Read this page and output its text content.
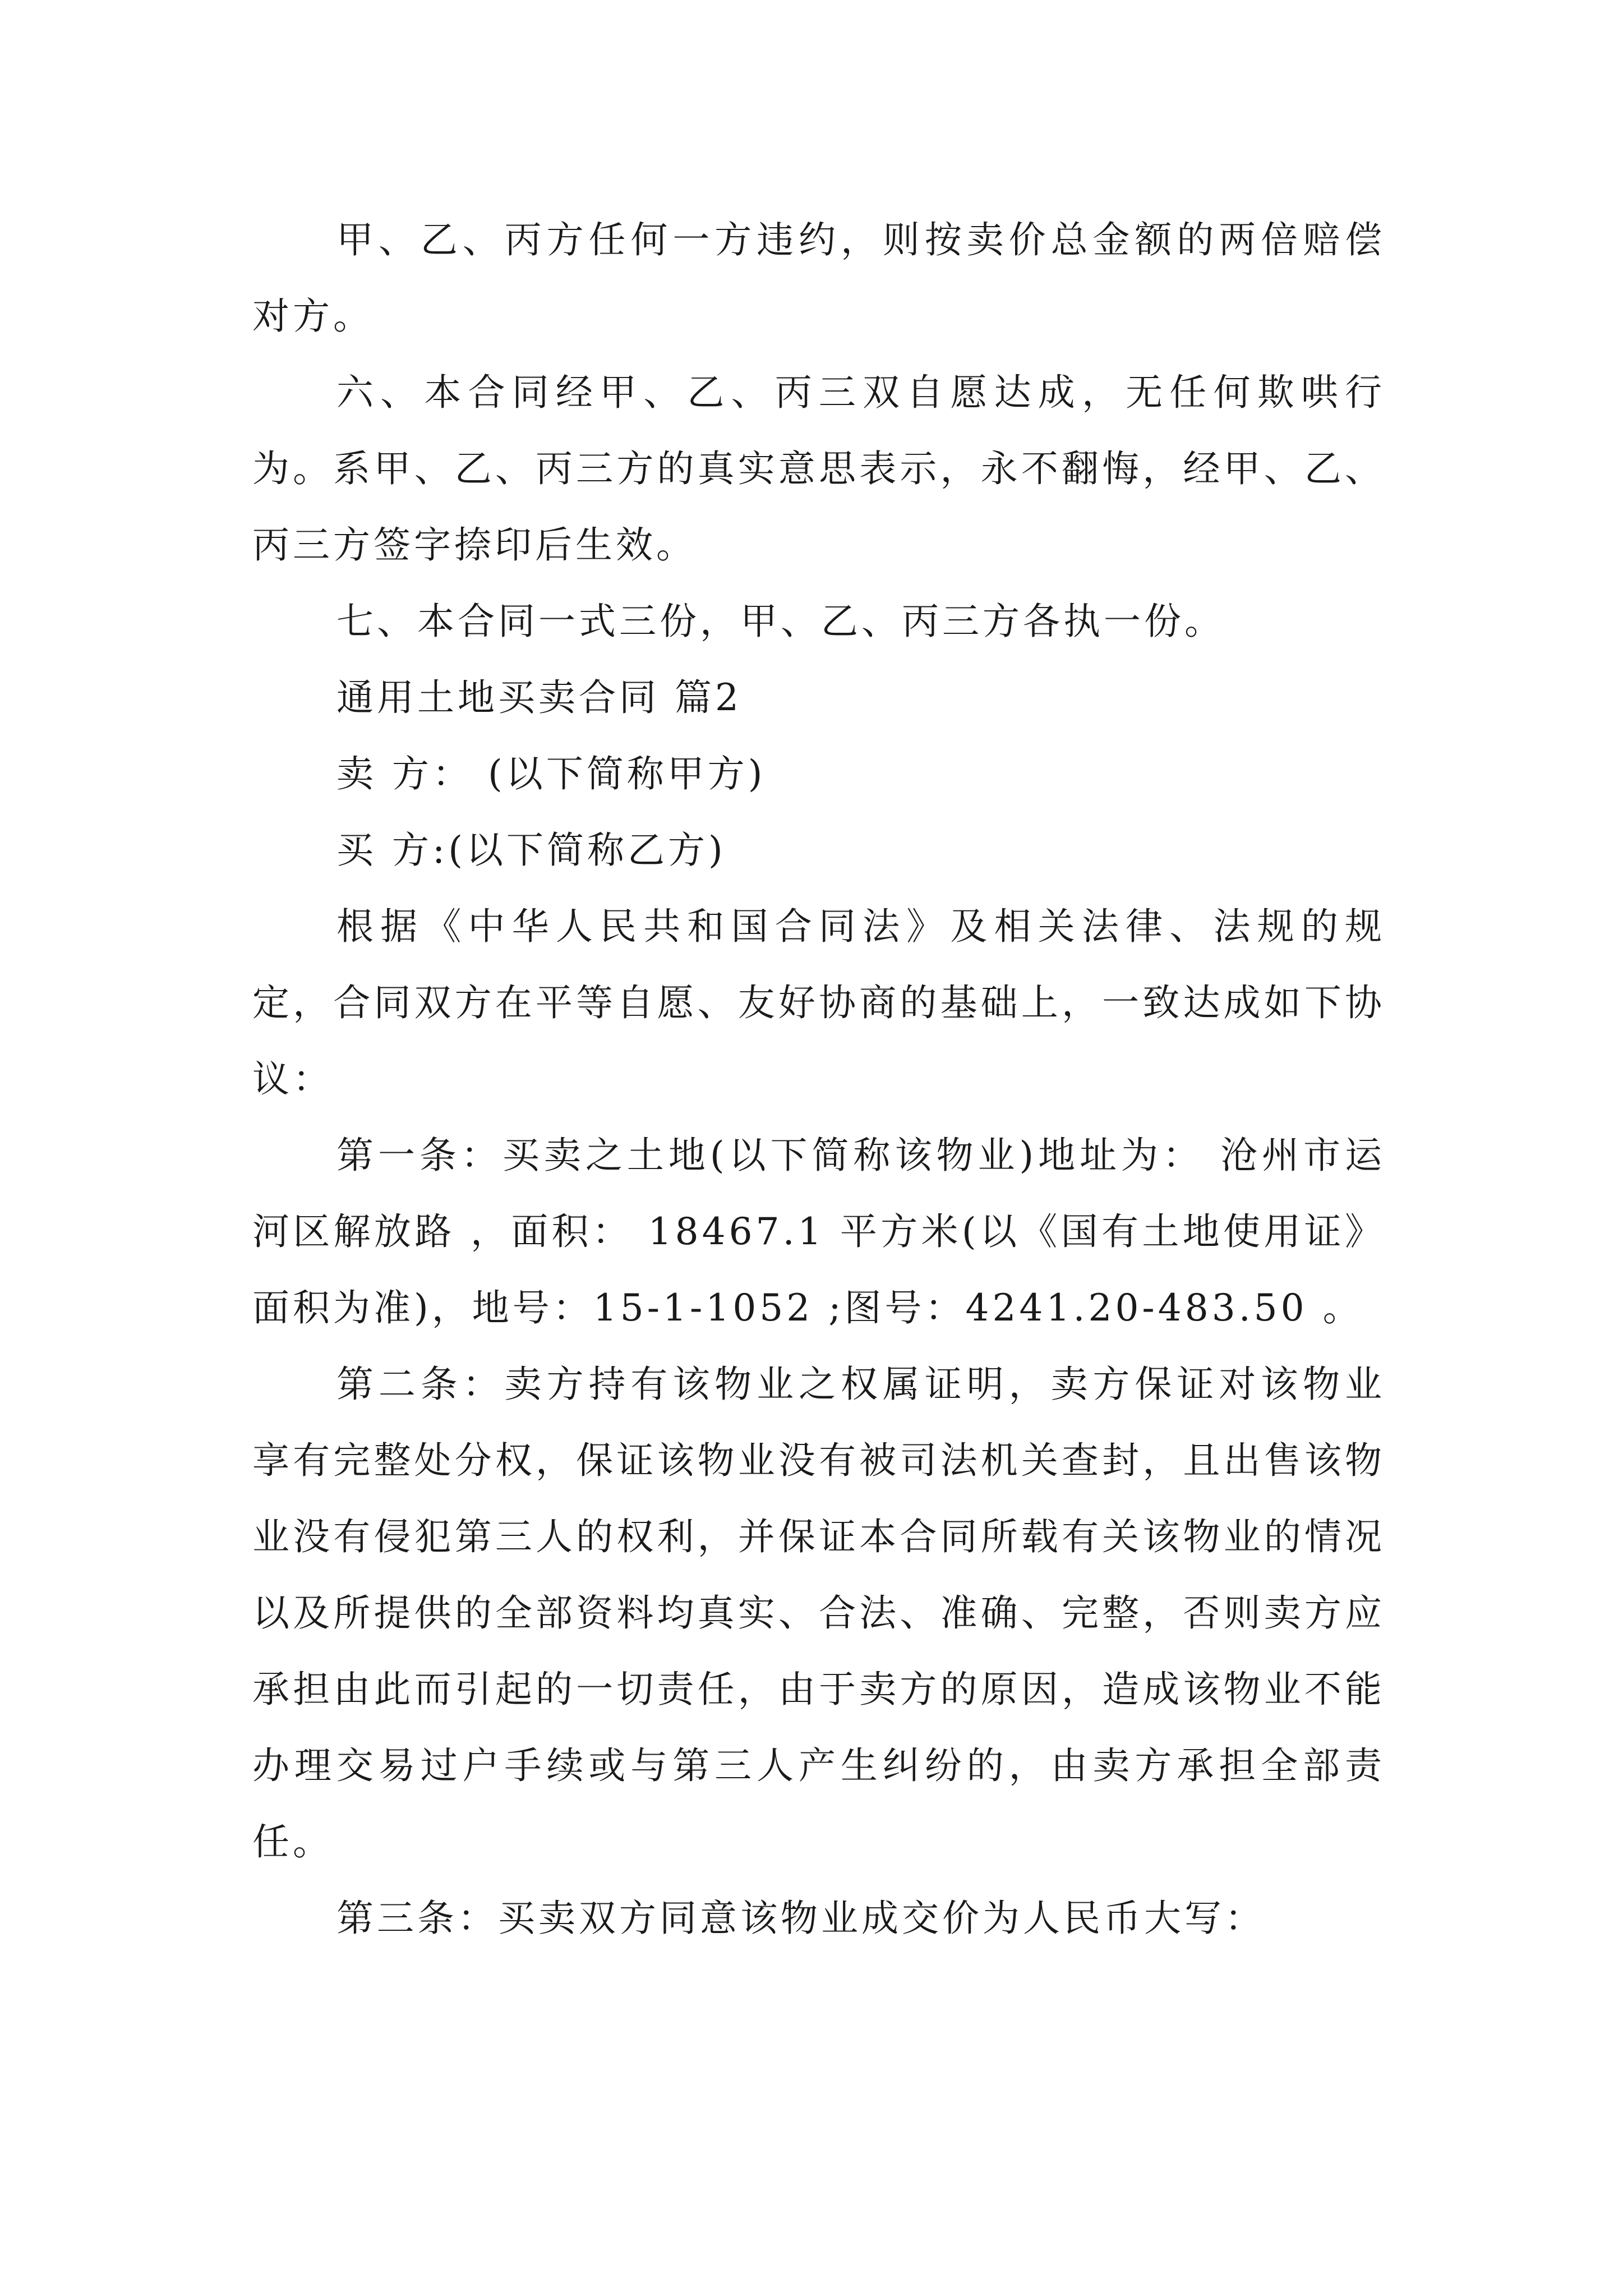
甲、乙、丙方任何一方违约，则按卖价总金额的两倍赔偿对方。

六、本合同经甲、乙、丙三双自愿达成，无任何欺哄行为。系甲、乙、丙三方的真实意思表示，永不翻悔，经甲、乙、丙三方签字捺印后生效。

七、本合同一式三份，甲、乙、丙三方各执一份。

通用土地买卖合同 篇2

卖 方： (以下简称甲方)

买 方:(以下简称乙方)

根据《中华人民共和国合同法》及相关法律、法规的规定，合同双方在平等自愿、友好协商的基础上，一致达成如下协议：

第一条：买卖之土地(以下简称该物业)地址为： 沧州市运河区解放路 ，面积： 18467.1 平方米(以《国有土地使用证》面积为准)，地号：15-1-1052 ;图号：4241.20-483.50 。

第二条：卖方持有该物业之权属证明，卖方保证对该物业享有完整处分权，保证该物业没有被司法机关查封，且出售该物业没有侵犯第三人的权利，并保证本合同所载有关该物业的情况以及所提供的全部资料均真实、合法、准确、完整，否则卖方应承担由此而引起的一切责任，由于卖方的原因，造成该物业不能办理交易过户手续或与第三人产生纠纷的，由卖方承担全部责任。

第三条：买卖双方同意该物业成交价为人民币大写：
